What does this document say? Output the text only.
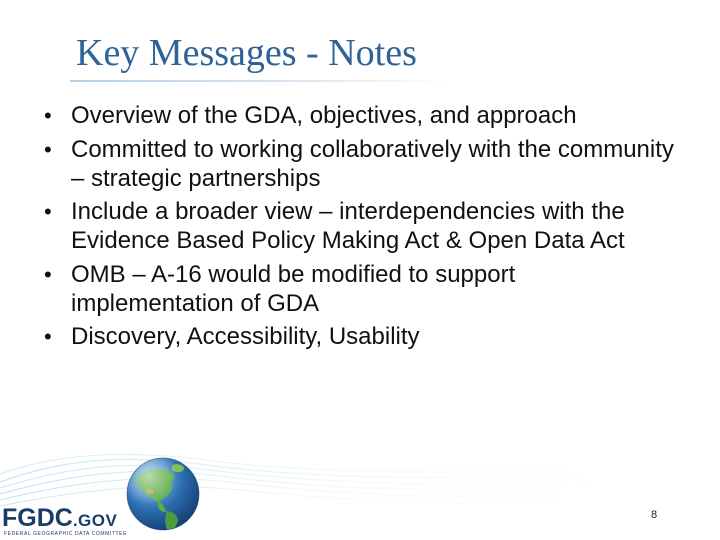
Key Messages - Notes
• Overview of the GDA, objectives, and approach
• Committed to working collaboratively with the community – strategic partnerships
• Include a broader view – interdependencies with the Evidence Based Policy Making Act & Open Data Act
• OMB – A-16 would be modified to support implementation of GDA
• Discovery, Accessibility, Usability
FGDC.GOV
FEDERAL GEOGRAPHIC DATA COMMITTEE
8
